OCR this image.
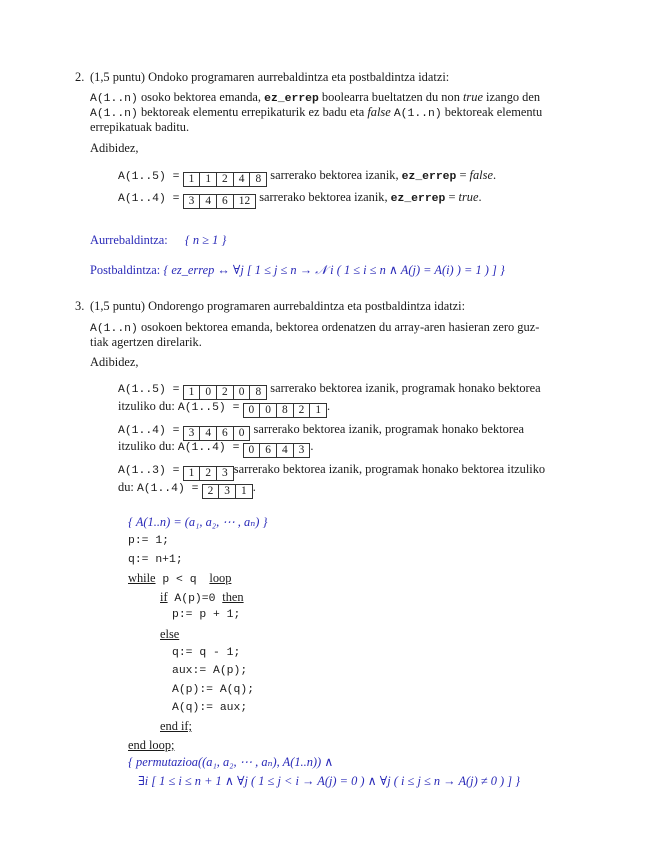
2. (1,5 puntu) Ondoko programaren aurrebaldintza eta postbaldintza idatzi:
A(1..n) osoko bektorea emanda, ez_errep boolearra bueltatzen du non true izango den
A(1..n) bektoreak elementu errepikaturik ez badu eta false A(1..n) bektoreak elementu
errepikatuak baditu.
Adibidez,
A(1..5) = 1 1 2 4 8 sarrerako bektorea izanik, ez_errep = false.
A(1..4) = 3 4 6 12 sarrerako bektorea izanik, ez_errep = true.
Aurrebaldintza: { n ≥ 1 }
Postbaldintza: { ez_errep ↔ ∀j [ 1 ≤ j ≤ n → 𝒩 i ( 1 ≤ i ≤ n ∧ A(j) = A(i) ) = 1 ) ] }
3. (1,5 puntu) Ondorengo programaren aurrebaldintza eta postbaldintza idatzi:
A(1..n) osokoen bektorea emanda, bektorea ordenatzen du array-aren hasieran zero guz-
tiak agertzen direlarik.
Adibidez,
A(1..5) = 1 0 2 0 8 sarrerako bektorea izanik, programak honako bektorea
itzuliko du: A(1..5) = 0 0 8 2 1 .
A(1..4) = 3 4 6 0 sarrerako bektorea izanik, programak honako bektorea
itzuliko du: A(1..4) = 0 6 4 3 .
A(1..3) = 1 2 3 sarrerako bektorea izanik, programak honako bektorea itzuliko
du: A(1..4) = 2 3 1 .
{ A(1..n) = (a₁, a₂, ⋯ , aₙ) }
p:= 1;
q:= n+1;
while p < q loop
if A(p)=0 then
p:= p + 1;
else
q:= q - 1;
aux:= A(p);
A(p):= A(q);
A(q):= aux;
end if;
end loop;
{ permutazioa((a₁, a₂, ⋯ , aₙ), A(1..n)) ∧
∃i [ 1 ≤ i ≤ n + 1 ∧ ∀j ( 1 ≤ j < i → A(j) = 0 ) ∧ ∀j ( i ≤ j ≤ n → A(j) ≠ 0 ) ] }
